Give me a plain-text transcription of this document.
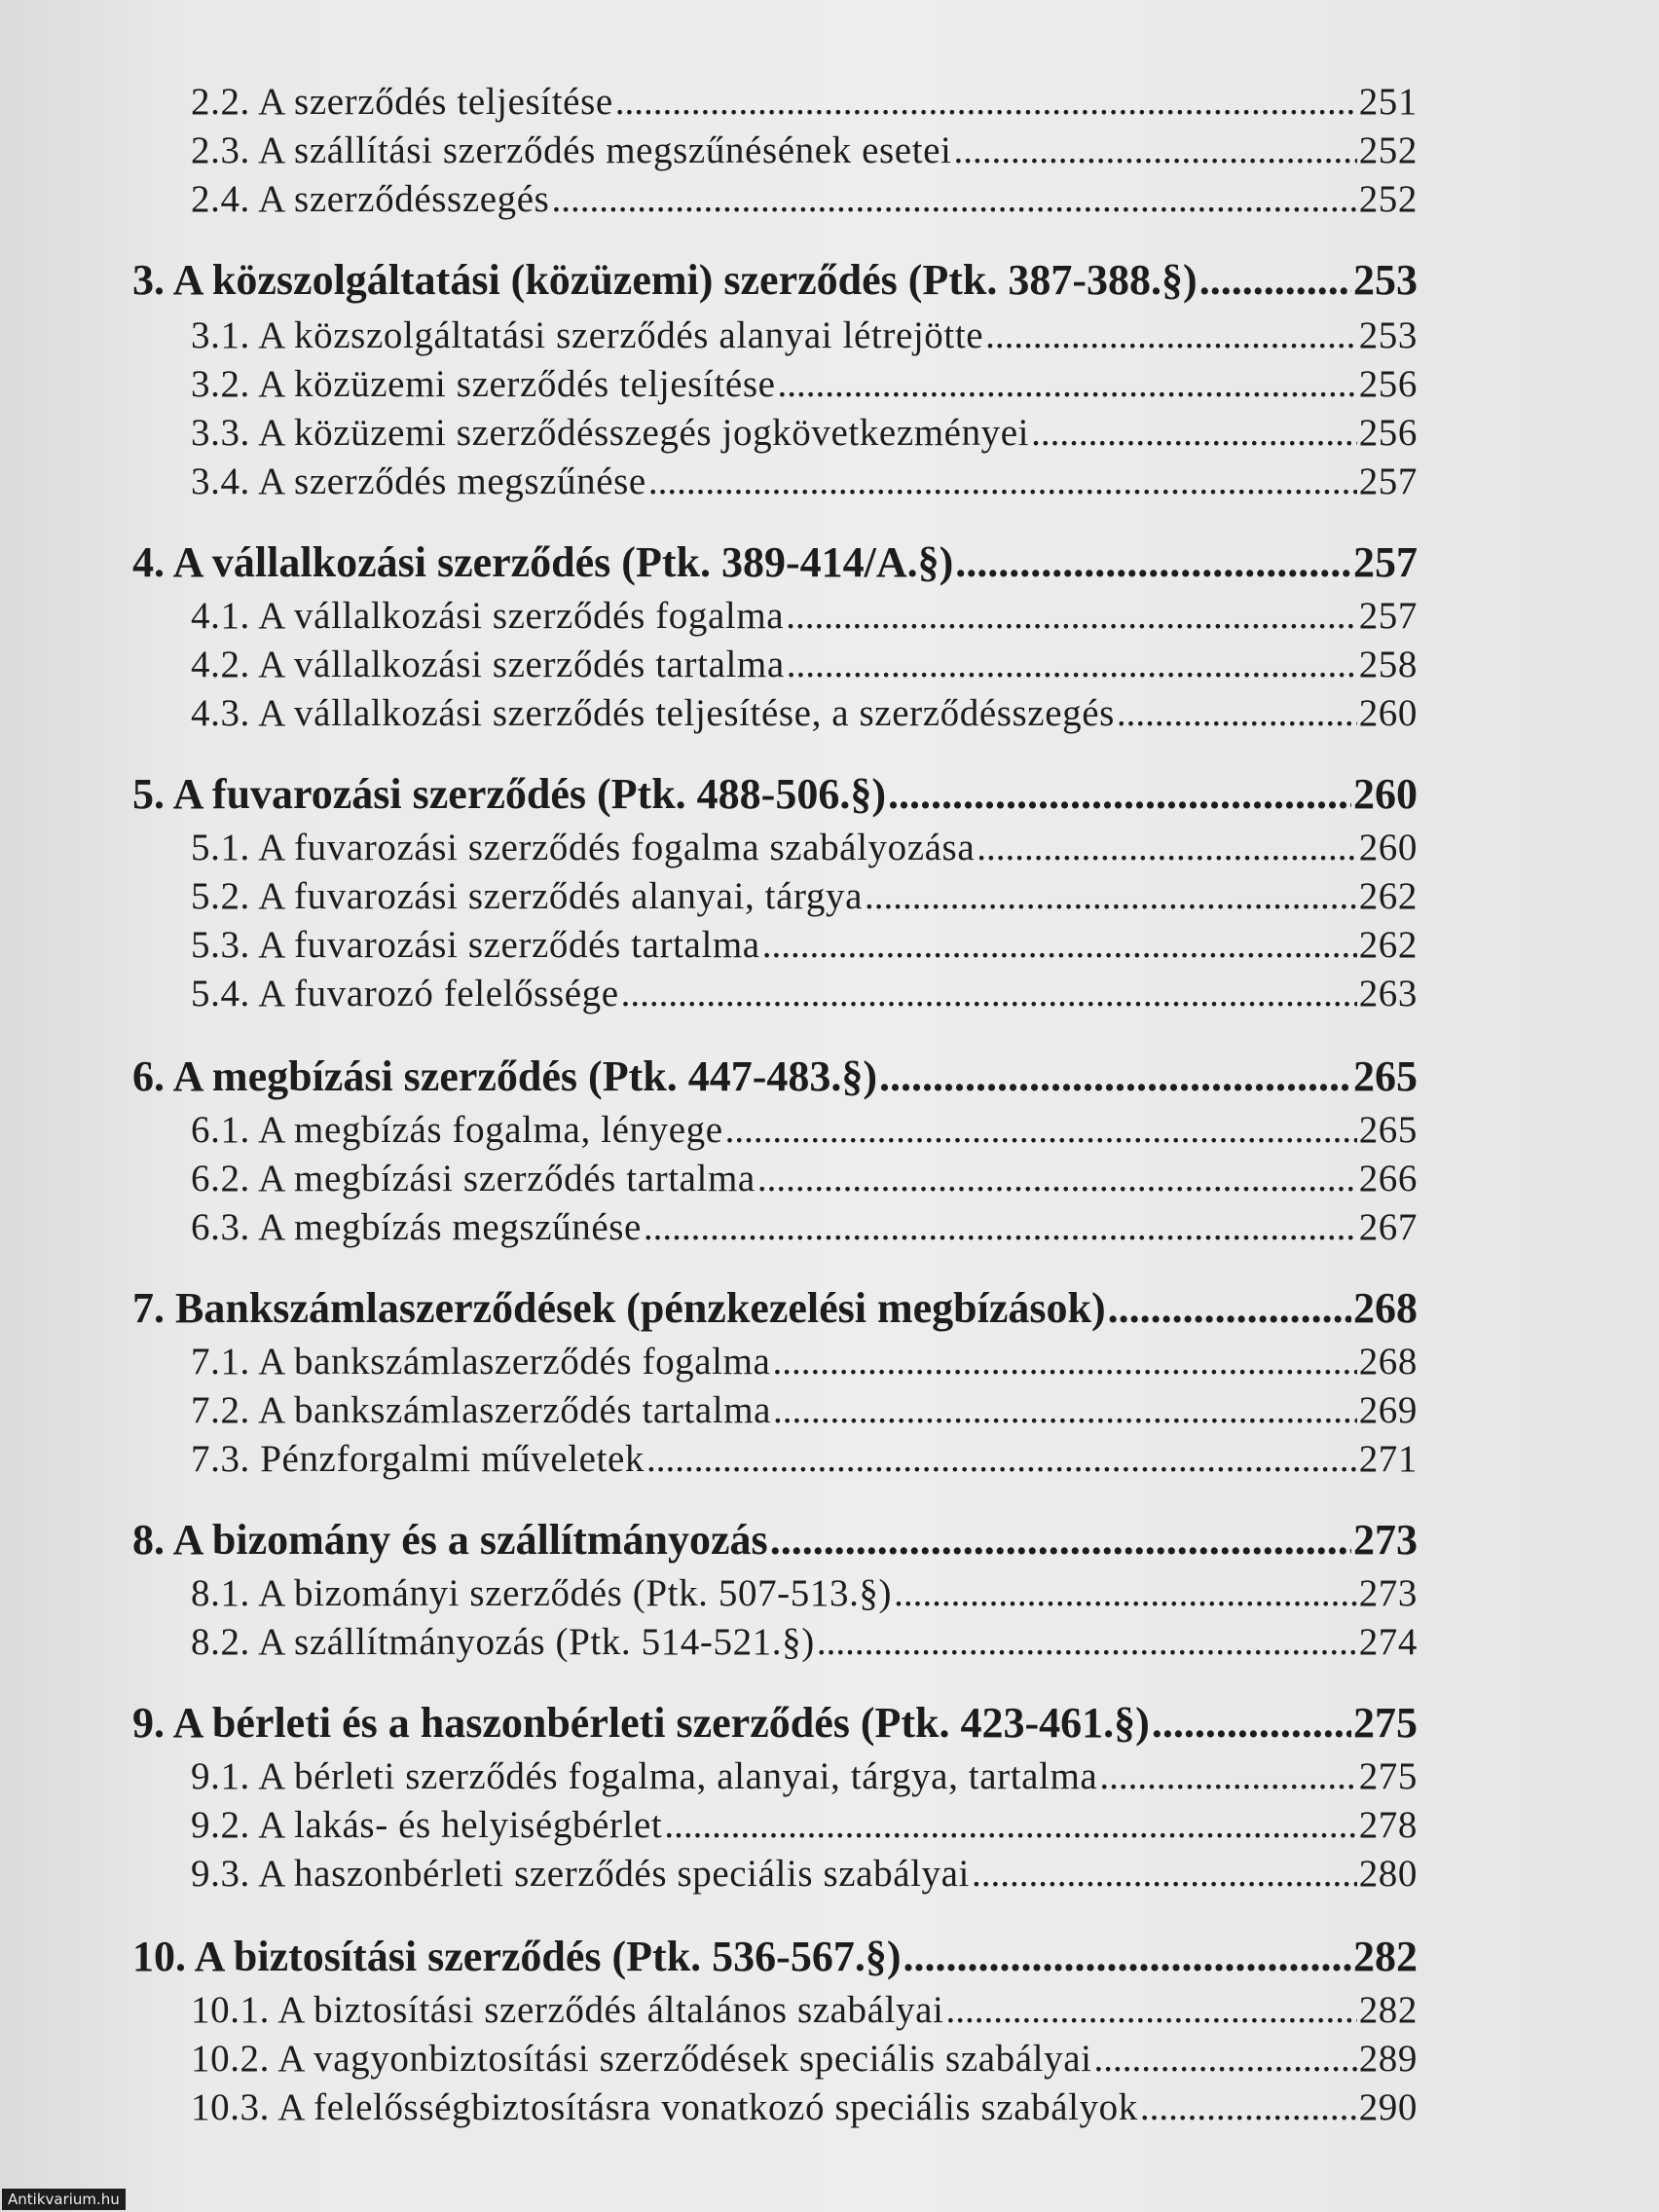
2.2. A szerződés teljesítése .....	251
2.3. A szállítási szerződés megszűnésének esetei .....	252
2.4. A szerződésszegés .....	252
3. A közszolgáltatási (közüzemi) szerződés (Ptk. 387-388.§) .....	253
3.1. A közszolgáltatási szerződés alanyai létrejötte .....	253
3.2. A közüzemi szerződés teljesítése .....	256
3.3. A közüzemi szerződésszegés jogkövetkezményei .....	256
3.4. A szerződés megszűnése .....	257
4. A vállalkozási szerződés (Ptk. 389-414/A.§) .....	257
4.1. A vállalkozási szerződés fogalma .....	257
4.2. A vállalkozási szerződés tartalma .....	258
4.3. A vállalkozási szerződés teljesítése, a szerződésszegés .....	260
5. A fuvarozási szerződés (Ptk. 488-506.§) .....	260
5.1. A fuvarozási szerződés fogalma szabályozása .....	260
5.2. A fuvarozási szerződés alanyai, tárgya .....	262
5.3. A fuvarozási szerződés tartalma .....	262
5.4. A fuvarozó felelőssége .....	263
6. A megbízási szerződés (Ptk. 447-483.§) .....	265
6.1. A megbízás fogalma, lényege .....	265
6.2. A megbízási szerződés tartalma .....	266
6.3. A megbízás megszűnése .....	267
7. Bankszámlaszerződések (pénzkezelési megbízások) .....	268
7.1. A bankszámlaszerződés fogalma .....	268
7.2. A bankszámlaszerződés tartalma .....	269
7.3. Pénzforgalmi műveletek .....	271
8. A bizomány és a szállítmányozás .....	273
8.1. A bizományi szerződés (Ptk. 507-513.§) .....	273
8.2. A szállítmányozás (Ptk. 514-521.§) .....	274
9. A bérleti és a haszonbérleti szerződés (Ptk. 423-461.§) .....	275
9.1. A bérleti szerződés fogalma, alanyai, tárgya, tartalma .....	275
9.2. A lakás- és helyiségbérlet .....	278
9.3. A haszonbérleti szerződés speciális szabályai .....	280
10. A biztosítási szerződés (Ptk. 536-567.§) .....	282
10.1. A biztosítási szerződés általános szabályai .....	282
10.2. A vagyonbiztosítási szerződések speciális szabályai .....	289
10.3. A felelősségbiztosításra vonatkozó speciális szabályok .....	290
Antikvarium.hu
